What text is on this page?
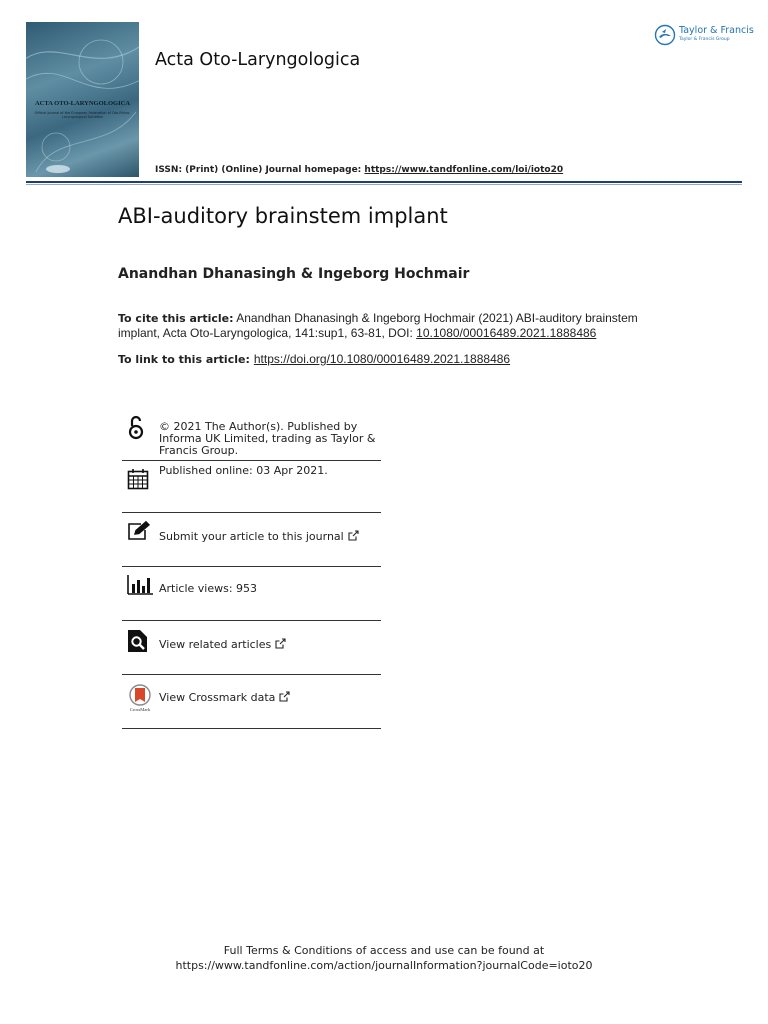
ACTA OTO-LARYNGOLOGICA
Official Journal of the European Federation of Oto-Rhino-Laryngological Societies
Acta Oto-Laryngologica
ISSN: (Print) (Online) Journal homepage: https://www.tandfonline.com/loi/ioto20
Taylor & Francis
Taylor & Francis Group
ABI-auditory brainstem implant
Anandhan Dhanasingh & Ingeborg Hochmair
To cite this article: Anandhan Dhanasingh & Ingeborg Hochmair (2021) ABI-auditory brainstem implant, Acta Oto-Laryngologica, 141:sup1, 63-81, DOI: 10.1080/00016489.2021.1888486
To link to this article: https://doi.org/10.1080/00016489.2021.1888486
© 2021 The Author(s). Published by Informa UK Limited, trading as Taylor & Francis Group.
Published online: 03 Apr 2021.
Submit your article to this journal
Article views: 953
View related articles
CrossMark
View Crossmark data
Full Terms & Conditions of access and use can be found at
https://www.tandfonline.com/action/journalInformation?journalCode=ioto20
